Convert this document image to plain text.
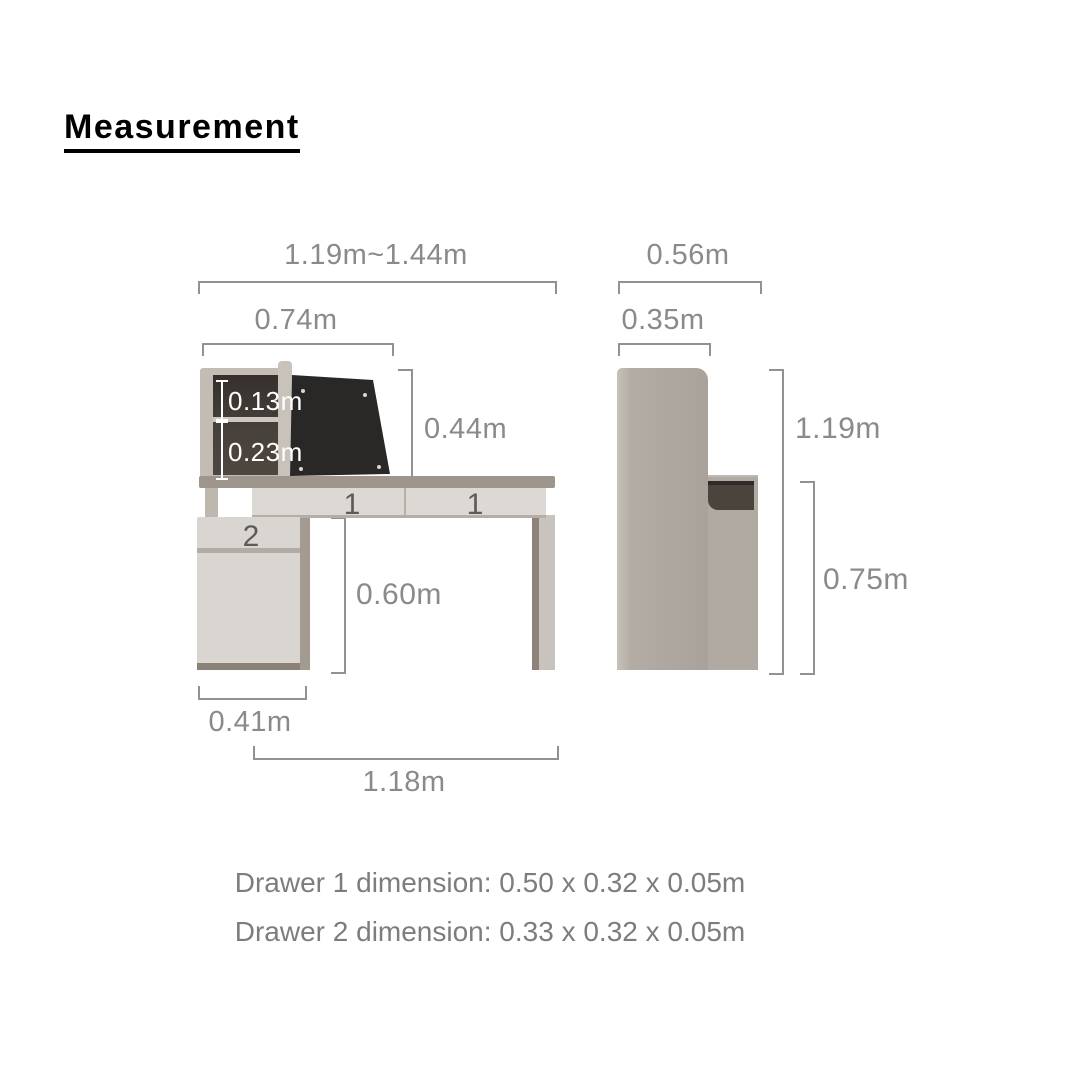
Measurement
1.19m~1.44m
0.74m
0.13m
0.23m
0.44m
1	1
2
0.60m
0.41m
1.18m
0.56m
0.35m
1.19m
0.75m
Drawer 1 dimension: 0.50 x 0.32 x 0.05m
Drawer 2 dimension: 0.33 x 0.32 x 0.05m
